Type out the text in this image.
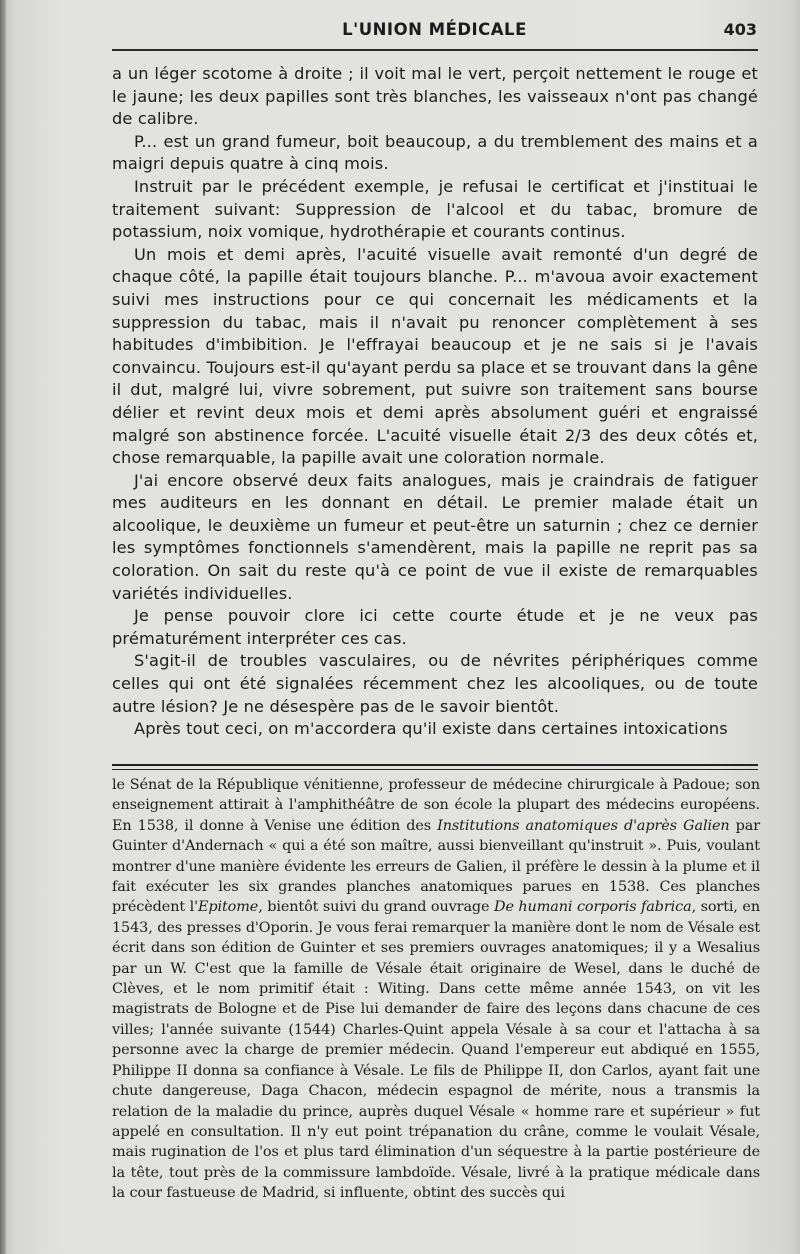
L'UNION MÉDICALE	403

a un léger scotome à droite ; il voit mal le vert, perçoit nettement le rouge et le jaune; les deux papilles sont très blanches, les vaisseaux n'ont pas changé de calibre.

P... est un grand fumeur, boit beaucoup, a du tremblement des mains et a maigri depuis quatre à cinq mois.

Instruit par le précédent exemple, je refusai le certificat et j'instituai le traitement suivant: Suppression de l'alcool et du tabac, bromure de potassium, noix vomique, hydrothérapie et courants continus.

Un mois et demi après, l'acuité visuelle avait remonté d'un degré de chaque côté, la papille était toujours blanche. P... m'avoua avoir exactement suivi mes instructions pour ce qui concernait les médicaments et la suppression du tabac, mais il n'avait pu renoncer complètement à ses habitudes d'imbibition. Je l'effrayai beaucoup et je ne sais si je l'avais convaincu. Toujours est-il qu'ayant perdu sa place et se trouvant dans la gêne il dut, malgré lui, vivre sobrement, put suivre son traitement sans bourse délier et revint deux mois et demi après absolument guéri et engraissé malgré son abstinence forcée. L'acuité visuelle était 2/3 des deux côtés et, chose remarquable, la papille avait une coloration normale.

J'ai encore observé deux faits analogues, mais je craindrais de fatiguer mes auditeurs en les donnant en détail. Le premier malade était un alcoolique, le deuxième un fumeur et peut-être un saturnin ; chez ce dernier les symptômes fonctionnels s'amendèrent, mais la papille ne reprit pas sa coloration. On sait du reste qu'à ce point de vue il existe de remarquables variétés individuelles.

Je pense pouvoir clore ici cette courte étude et je ne veux pas prématurément interpréter ces cas.

S'agit-il de troubles vasculaires, ou de névrites périphériques comme celles qui ont été signalées récemment chez les alcooliques, ou de toute autre lésion? Je ne désespère pas de le savoir bientôt.

Après tout ceci, on m'accordera qu'il existe dans certaines intoxications

le Sénat de la République vénitienne, professeur de médecine chirurgicale à Padoue; son enseignement attirait à l'amphithéâtre de son école la plupart des médecins européens. En 1538, il donne à Venise une édition des Institutions anatomiques d'après Galien par Guinter d'Andernach « qui a été son maître, aussi bienveillant qu'instruit ». Puis, voulant montrer d'une manière évidente les erreurs de Galien, il préfère le dessin à la plume et il fait exécuter les six grandes planches anatomiques parues en 1538. Ces planches précèdent l'Epitome, bientôt suivi du grand ouvrage De humani corporis fabrica, sorti, en 1543, des presses d'Oporin. Je vous ferai remarquer la manière dont le nom de Vésale est écrit dans son édition de Guinter et ses premiers ouvrages anatomiques; il y a Wesalius par un W. C'est que la famille de Vésale était originaire de Wesel, dans le duché de Clèves, et le nom primitif était : Witing. Dans cette même année 1543, on vit les magistrats de Bologne et de Pise lui demander de faire des leçons dans chacune de ces villes; l'année suivante (1544) Charles-Quint appela Vésale à sa cour et l'attacha à sa personne avec la charge de premier médecin. Quand l'empereur eut abdiqué en 1555, Philippe II donna sa confiance à Vésale. Le fils de Philippe II, don Carlos, ayant fait une chute dangereuse, Daga Chacon, médecin espagnol de mérite, nous a transmis la relation de la maladie du prince, auprès duquel Vésale « homme rare et supérieur » fut appelé en consultation. Il n'y eut point trépanation du crâne, comme le voulait Vésale, mais rugination de l'os et plus tard élimination d'un séquestre à la partie postérieure de la tête, tout près de la commissure lambdoïde. Vésale, livré à la pratique médicale dans la cour fastueuse de Madrid, si influente, obtint des succès qui
